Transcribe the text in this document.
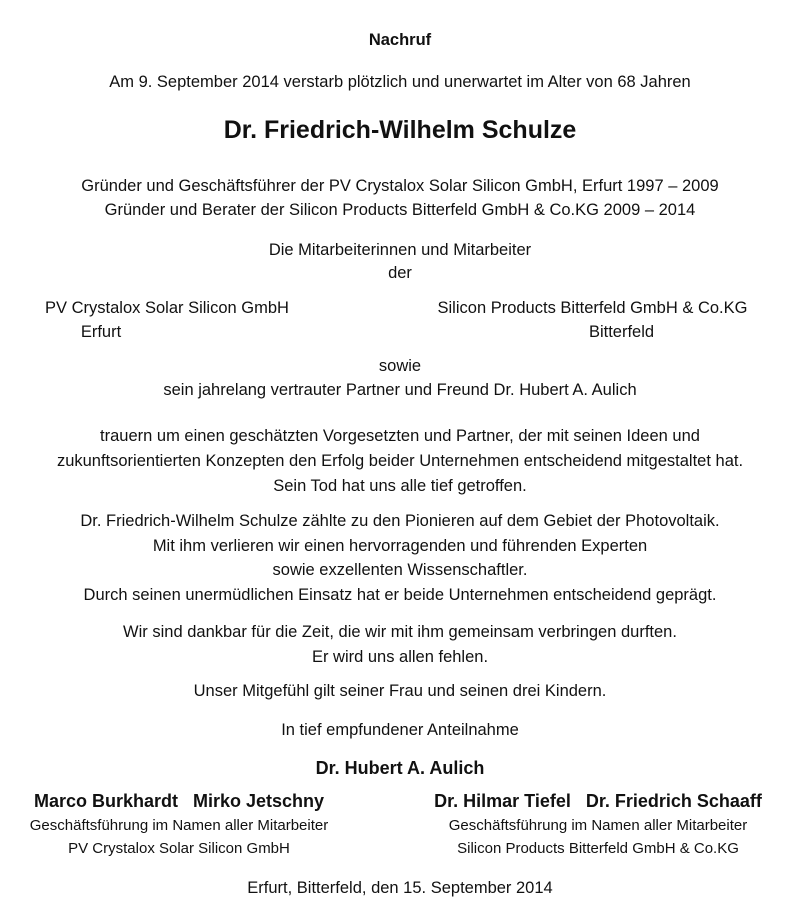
Nachruf
Am 9. September 2014 verstarb plötzlich und unerwartet im Alter von 68 Jahren
Dr. Friedrich-Wilhelm Schulze
Gründer und Geschäftsführer der PV Crystalox Solar Silicon GmbH, Erfurt 1997 – 2009
Gründer und Berater der Silicon Products Bitterfeld GmbH & Co.KG 2009 – 2014
Die Mitarbeiterinnen und Mitarbeiter
der
PV Crystalox Solar Silicon GmbH
Erfurt
Silicon Products Bitterfeld GmbH & Co.KG
Bitterfeld
sowie
sein jahrelang vertrauter Partner und Freund Dr. Hubert A. Aulich
trauern um einen geschätzten Vorgesetzten und Partner, der mit seinen Ideen und
zukunftsorientierten Konzepten den Erfolg beider Unternehmen entscheidend mitgestaltet hat.
Sein Tod hat uns alle tief getroffen.
Dr. Friedrich-Wilhelm Schulze zählte zu den Pionieren auf dem Gebiet der Photovoltaik.
Mit ihm verlieren wir einen hervorragenden und führenden Experten
sowie exzellenten Wissenschaftler.
Durch seinen unermüdlichen Einsatz hat er beide Unternehmen entscheidend geprägt.
Wir sind dankbar für die Zeit, die wir mit ihm gemeinsam verbringen durften.
Er wird uns allen fehlen.
Unser Mitgefühl gilt seiner Frau und seinen drei Kindern.
In tief empfundener Anteilnahme
Dr. Hubert A. Aulich
Marco Burkhardt   Mirko Jetschny
Geschäftsführung im Namen aller Mitarbeiter
PV Crystalox Solar Silicon GmbH
Dr. Hilmar Tiefel   Dr. Friedrich Schaaff
Geschäftsführung im Namen aller Mitarbeiter
Silicon Products Bitterfeld GmbH & Co.KG
Erfurt, Bitterfeld, den 15. September 2014
